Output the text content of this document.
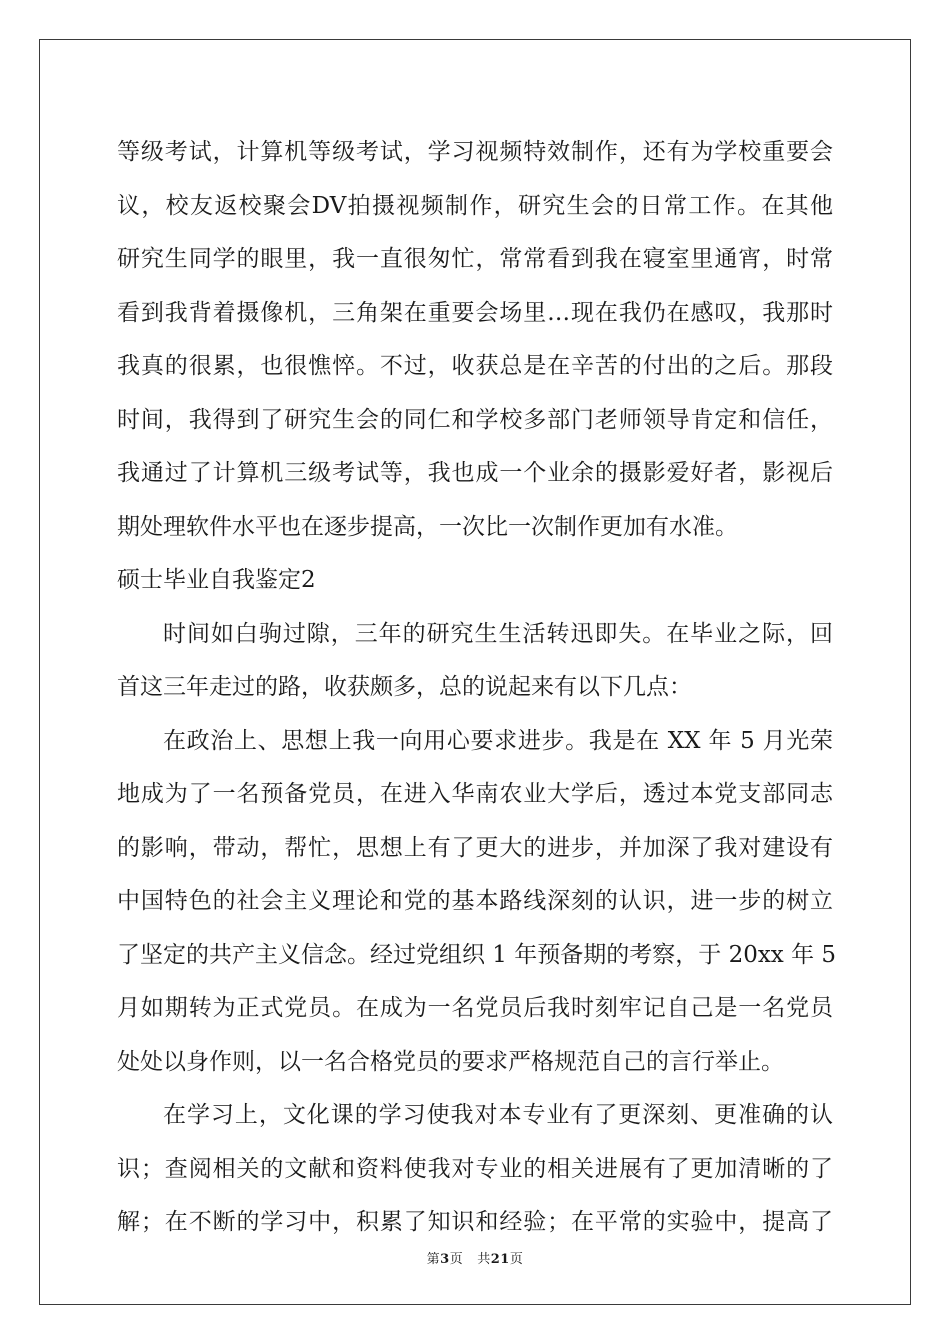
等级考试，计算机等级考试，学习视频特效制作，还有为学校重要会
议，校友返校聚会DV拍摄视频制作，研究生会的日常工作。在其他
研究生同学的眼里，我一直很匆忙，常常看到我在寝室里通宵，时常
看到我背着摄像机，三角架在重要会场里…现在我仍在感叹，我那时
我真的很累，也很憔悴。不过，收获总是在辛苦的付出的之后。那段
时间，我得到了研究生会的同仁和学校多部门老师领导肯定和信任，
我通过了计算机三级考试等，我也成一个业余的摄影爱好者，影视后
期处理软件水平也在逐步提高，一次比一次制作更加有水准。
硕士毕业自我鉴定2
时间如白驹过隙，三年的研究生生活转迅即失。在毕业之际，回
首这三年走过的路，收获颇多，总的说起来有以下几点：
在政治上、思想上我一向用心要求进步。我是在 XX 年 5 月光荣
地成为了一名预备党员，在进入华南农业大学后，透过本党支部同志
的影响，带动，帮忙，思想上有了更大的进步，并加深了我对建设有
中国特色的社会主义理论和党的基本路线深刻的认识，进一步的树立
了坚定的共产主义信念。经过党组织 1 年预备期的考察，于 20xx 年 5
月如期转为正式党员。在成为一名党员后我时刻牢记自己是一名党员
处处以身作则，以一名合格党员的要求严格规范自己的言行举止。
在学习上，文化课的学习使我对本专业有了更深刻、更准确的认
识；查阅相关的文献和资料使我对专业的相关进展有了更加清晰的了
解；在不断的学习中，积累了知识和经验；在平常的实验中，提高了
第3页 共21页
